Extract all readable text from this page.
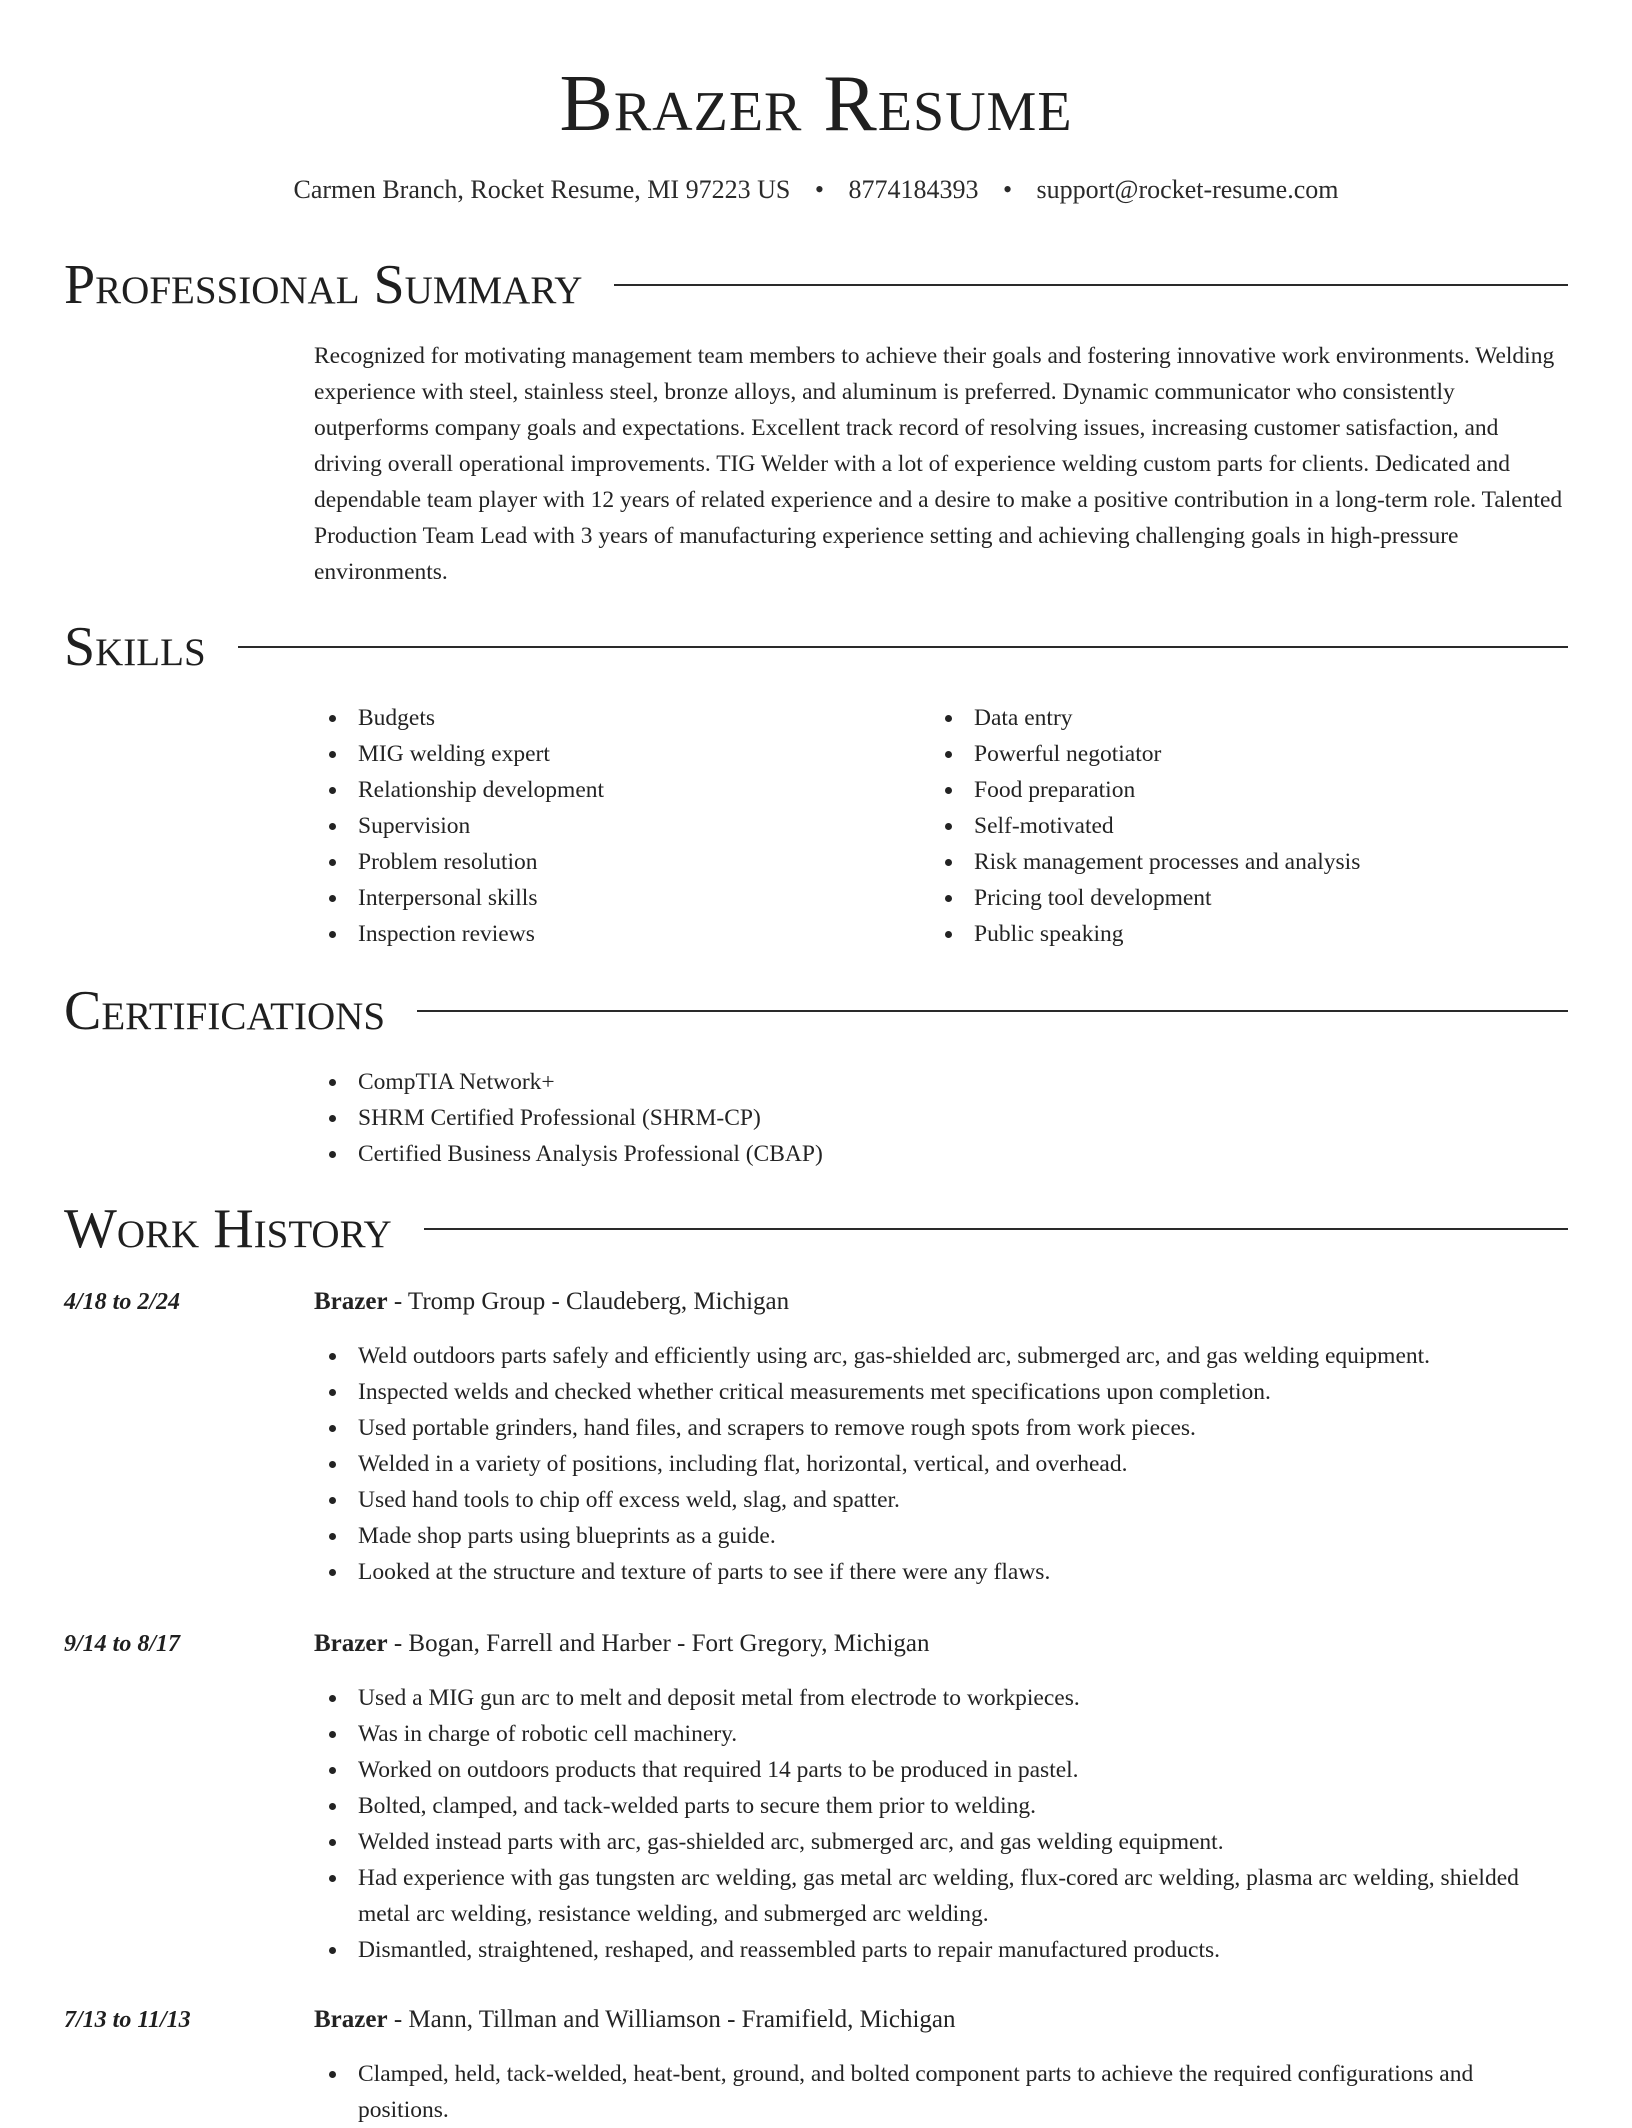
Brazer Resume
Carmen Branch, Rocket Resume, MI 97223 US • 8774184393 • support@rocket-resume.com
Professional Summary

Recognized for motivating management team members to achieve their goals and fostering innovative work environments. Welding experience with steel, stainless steel, bronze alloys, and aluminum is preferred. Dynamic communicator who consistently outperforms company goals and expectations. Excellent track record of resolving issues, increasing customer satisfaction, and driving overall operational improvements. TIG Welder with a lot of experience welding custom parts for clients. Dedicated and dependable team player with 12 years of related experience and a desire to make a positive contribution in a long-term role. Talented Production Team Lead with 3 years of manufacturing experience setting and achieving challenging goals in high-pressure environments.

Skills
Budgets
MIG welding expert
Relationship development
Supervision
Problem resolution
Interpersonal skills
Inspection reviews
Data entry
Powerful negotiator
Food preparation
Self-motivated
Risk management processes and analysis
Pricing tool development
Public speaking
Certifications
CompTIA Network+
SHRM Certified Professional (SHRM-CP)
Certified Business Analysis Professional (CBAP)
Work History
4/18 to 2/24	Brazer - Tromp Group - Claudeberg, Michigan
Weld outdoors parts safely and efficiently using arc, gas-shielded arc, submerged arc, and gas welding equipment.
Inspected welds and checked whether critical measurements met specifications upon completion.
Used portable grinders, hand files, and scrapers to remove rough spots from work pieces.
Welded in a variety of positions, including flat, horizontal, vertical, and overhead.
Used hand tools to chip off excess weld, slag, and spatter.
Made shop parts using blueprints as a guide.
Looked at the structure and texture of parts to see if there were any flaws.
9/14 to 8/17	Brazer - Bogan, Farrell and Harber - Fort Gregory, Michigan
Used a MIG gun arc to melt and deposit metal from electrode to workpieces.
Was in charge of robotic cell machinery.
Worked on outdoors products that required 14 parts to be produced in pastel.
Bolted, clamped, and tack-welded parts to secure them prior to welding.
Welded instead parts with arc, gas-shielded arc, submerged arc, and gas welding equipment.
Had experience with gas tungsten arc welding, gas metal arc welding, flux-cored arc welding, plasma arc welding, shielded metal arc welding, resistance welding, and submerged arc welding.
Dismantled, straightened, reshaped, and reassembled parts to repair manufactured products.
7/13 to 11/13	Brazer - Mann, Tillman and Williamson - Framifield, Michigan
Clamped, held, tack-welded, heat-bent, ground, and bolted component parts to achieve the required configurations and positions.
